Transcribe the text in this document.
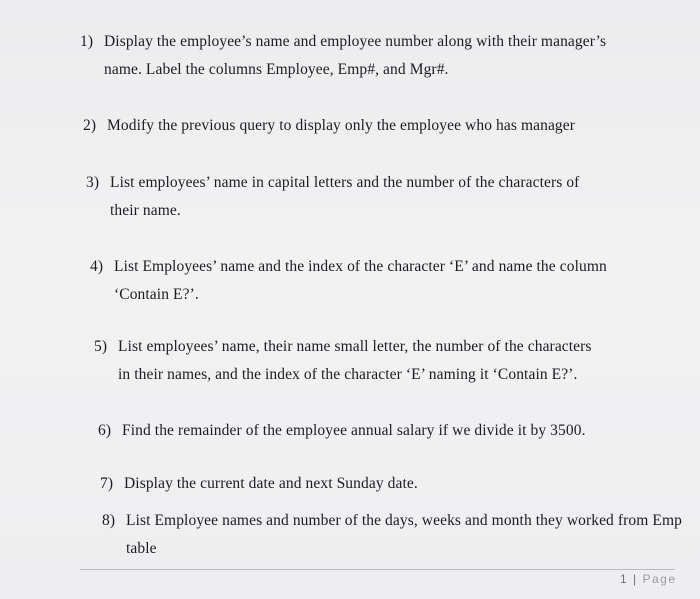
1) Display the employee’s name and employee number along with their manager’s
name. Label the columns Employee, Emp#, and Mgr#.
2) Modify the previous query to display only the employee who has manager
3) List employees’ name in capital letters and the number of the characters of
their name.
4) List Employees’ name and the index of the character ‘E’ and name the column
‘Contain E?’.
5) List employees’ name, their name small letter, the number of the characters
in their names, and the index of the character ‘E’ naming it ‘Contain E?’.
6) Find the remainder of the employee annual salary if we divide it by 3500.
7) Display the current date and next Sunday date.
8) List Employee names and number of the days, weeks and month they worked from Emp
table
1 | Page
